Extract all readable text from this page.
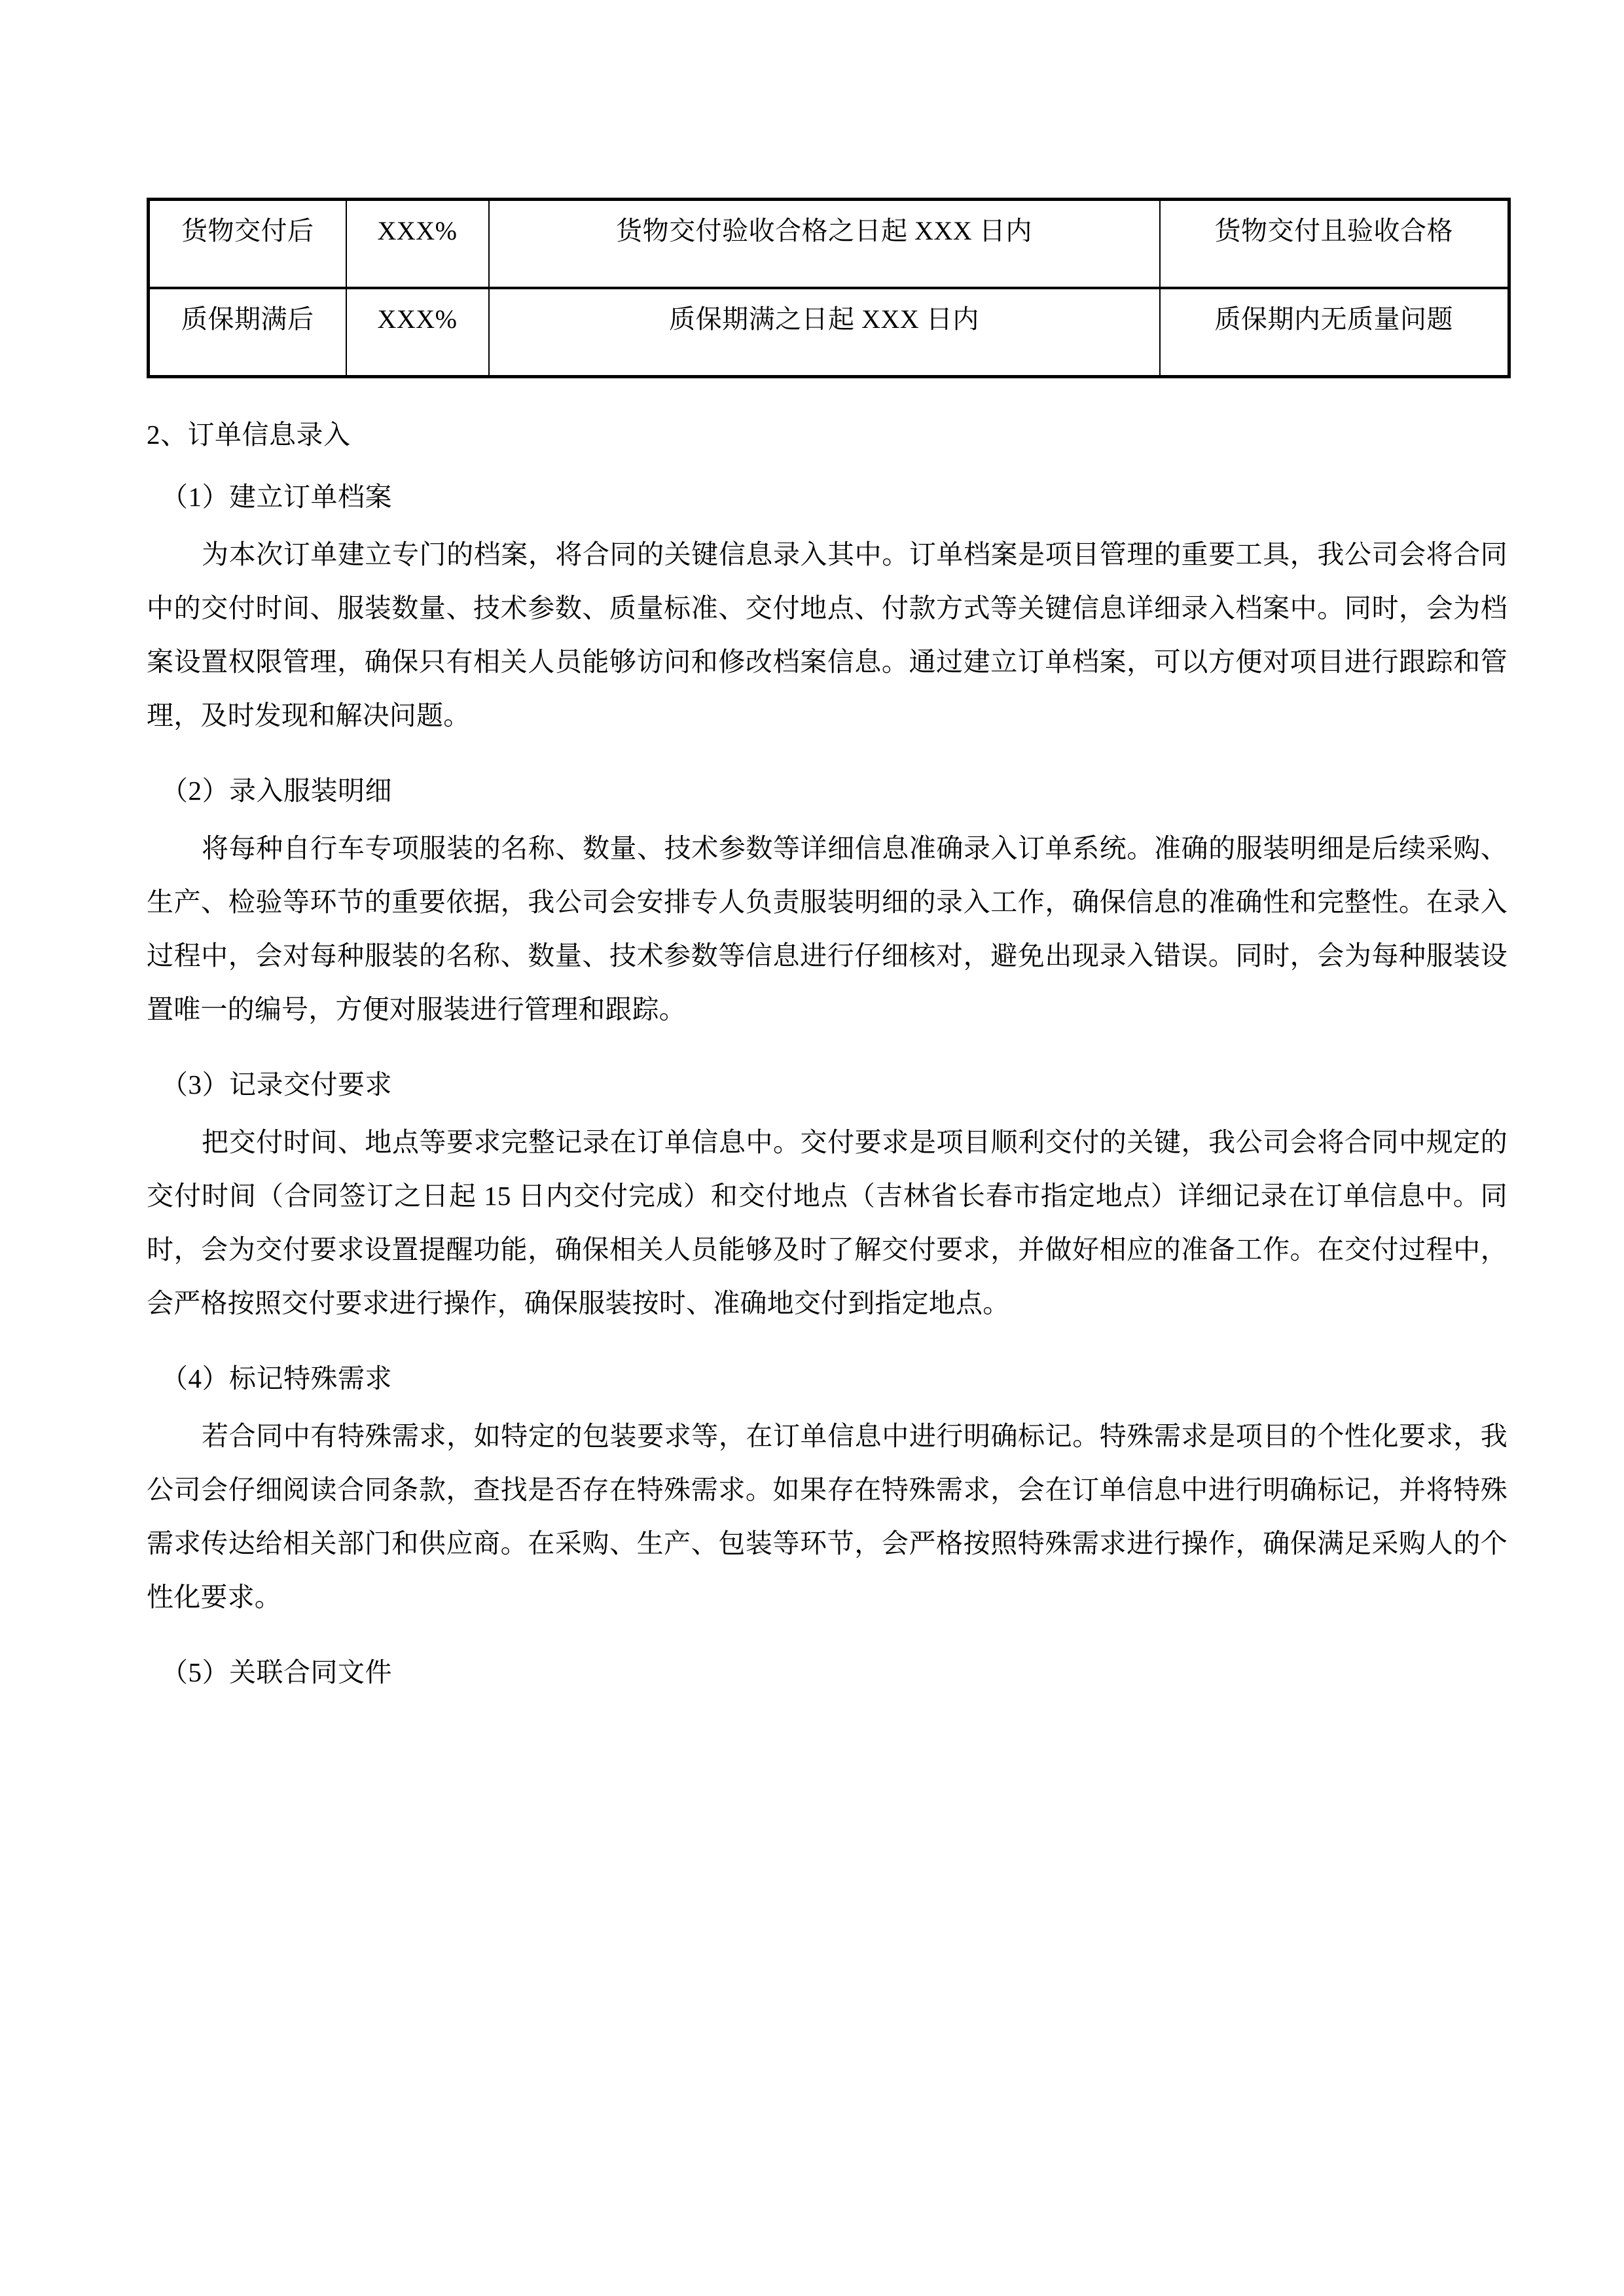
货物交付后	XXX%	货物交付验收合格之日起 XXX 日内	货物交付且验收合格
质保期满后	XXX%	质保期满之日起 XXX 日内	质保期内无质量问题
2、订单信息录入
（1）建立订单档案

为本次订单建立专门的档案，将合同的关键信息录入其中。订单档案是项目管理的重要工具，我公司会将合同中的交付时间、服装数量、技术参数、质量标准、交付地点、付款方式等关键信息详细录入档案中。同时，会为档案设置权限管理，确保只有相关人员能够访问和修改档案信息。通过建立订单档案，可以方便对项目进行跟踪和管理，及时发现和解决问题。

（2）录入服装明细

将每种自行车专项服装的名称、数量、技术参数等详细信息准确录入订单系统。准确的服装明细是后续采购、生产、检验等环节的重要依据，我公司会安排专人负责服装明细的录入工作，确保信息的准确性和完整性。在录入过程中，会对每种服装的名称、数量、技术参数等信息进行仔细核对，避免出现录入错误。同时，会为每种服装设置唯一的编号，方便对服装进行管理和跟踪。

（3）记录交付要求

把交付时间、地点等要求完整记录在订单信息中。交付要求是项目顺利交付的关键，我公司会将合同中规定的交付时间（合同签订之日起 15 日内交付完成）和交付地点（吉林省长春市指定地点）详细记录在订单信息中。同时，会为交付要求设置提醒功能，确保相关人员能够及时了解交付要求，并做好相应的准备工作。在交付过程中，会严格按照交付要求进行操作，确保服装按时、准确地交付到指定地点。

（4）标记特殊需求

若合同中有特殊需求，如特定的包装要求等，在订单信息中进行明确标记。特殊需求是项目的个性化要求，我公司会仔细阅读合同条款，查找是否存在特殊需求。如果存在特殊需求，会在订单信息中进行明确标记，并将特殊需求传达给相关部门和供应商。在采购、生产、包装等环节，会严格按照特殊需求进行操作，确保满足采购人的个性化要求。

（5）关联合同文件
